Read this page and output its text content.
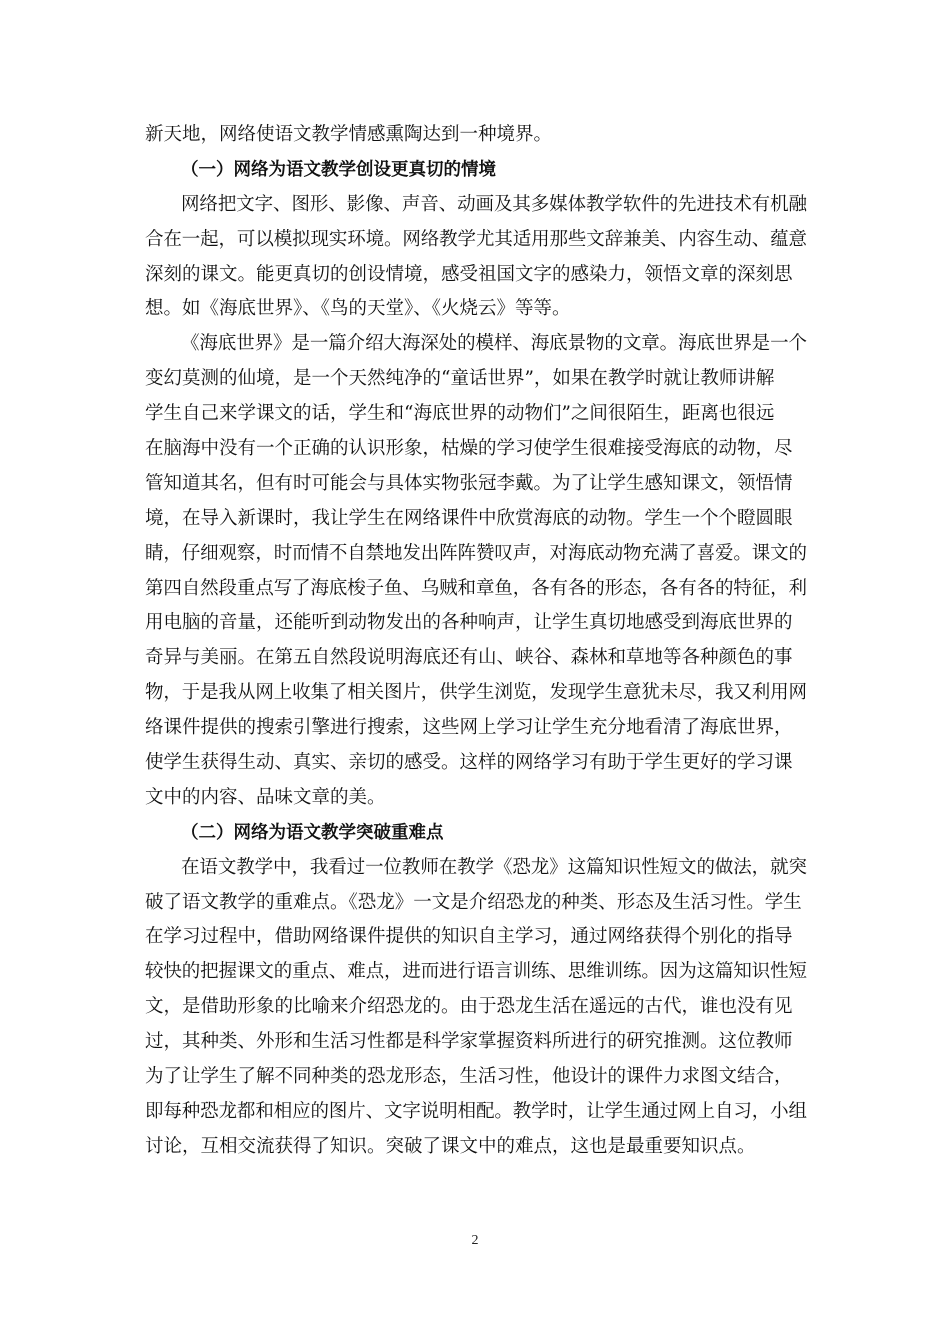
新天地，网络使语文教学情感熏陶达到一种境界。
（一）网络为语文教学创设更真切的情境
网络把文字、图形、影像、声音、动画及其多媒体教学软件的先进技术有机融
合在一起，可以模拟现实环境。网络教学尤其适用那些文辞兼美、内容生动、蕴意
深刻的课文。能更真切的创设情境，感受祖国文字的感染力，领悟文章的深刻思
想。如《海底世界》、《鸟的天堂》、《火烧云》等等。
《海底世界》是一篇介绍大海深处的模样、海底景物的文章。海底世界是一个
变幻莫测的仙境，是一个天然纯净的“童话世界”，如果在教学时就让教师讲解
学生自己来学课文的话，学生和“海底世界的动物们”之间很陌生，距离也很远
在脑海中没有一个正确的认识形象，枯燥的学习使学生很难接受海底的动物，尽
管知道其名，但有时可能会与具体实物张冠李戴。为了让学生感知课文，领悟情
境，在导入新课时，我让学生在网络课件中欣赏海底的动物。学生一个个瞪圆眼
睛，仔细观察，时而情不自禁地发出阵阵赞叹声，对海底动物充满了喜爱。课文的
第四自然段重点写了海底梭子鱼、乌贼和章鱼，各有各的形态，各有各的特征，利
用电脑的音量，还能听到动物发出的各种响声，让学生真切地感受到海底世界的
奇异与美丽。在第五自然段说明海底还有山、峡谷、森林和草地等各种颜色的事
物，于是我从网上收集了相关图片，供学生浏览，发现学生意犹未尽，我又利用网
络课件提供的搜索引擎进行搜索，这些网上学习让学生充分地看清了海底世界，
使学生获得生动、真实、亲切的感受。这样的网络学习有助于学生更好的学习课
文中的内容、品味文章的美。
（二）网络为语文教学突破重难点
在语文教学中，我看过一位教师在教学《恐龙》这篇知识性短文的做法，就突
破了语文教学的重难点。《恐龙》一文是介绍恐龙的种类、形态及生活习性。学生
在学习过程中，借助网络课件提供的知识自主学习，通过网络获得个别化的指导
较快的把握课文的重点、难点，进而进行语言训练、思维训练。因为这篇知识性短
文，是借助形象的比喻来介绍恐龙的。由于恐龙生活在遥远的古代，谁也没有见
过，其种类、外形和生活习性都是科学家掌握资料所进行的研究推测。这位教师
为了让学生了解不同种类的恐龙形态，生活习性，他设计的课件力求图文结合，
即每种恐龙都和相应的图片、文字说明相配。教学时，让学生通过网上自习，小组
讨论，互相交流获得了知识。突破了课文中的难点，这也是最重要知识点。
2
